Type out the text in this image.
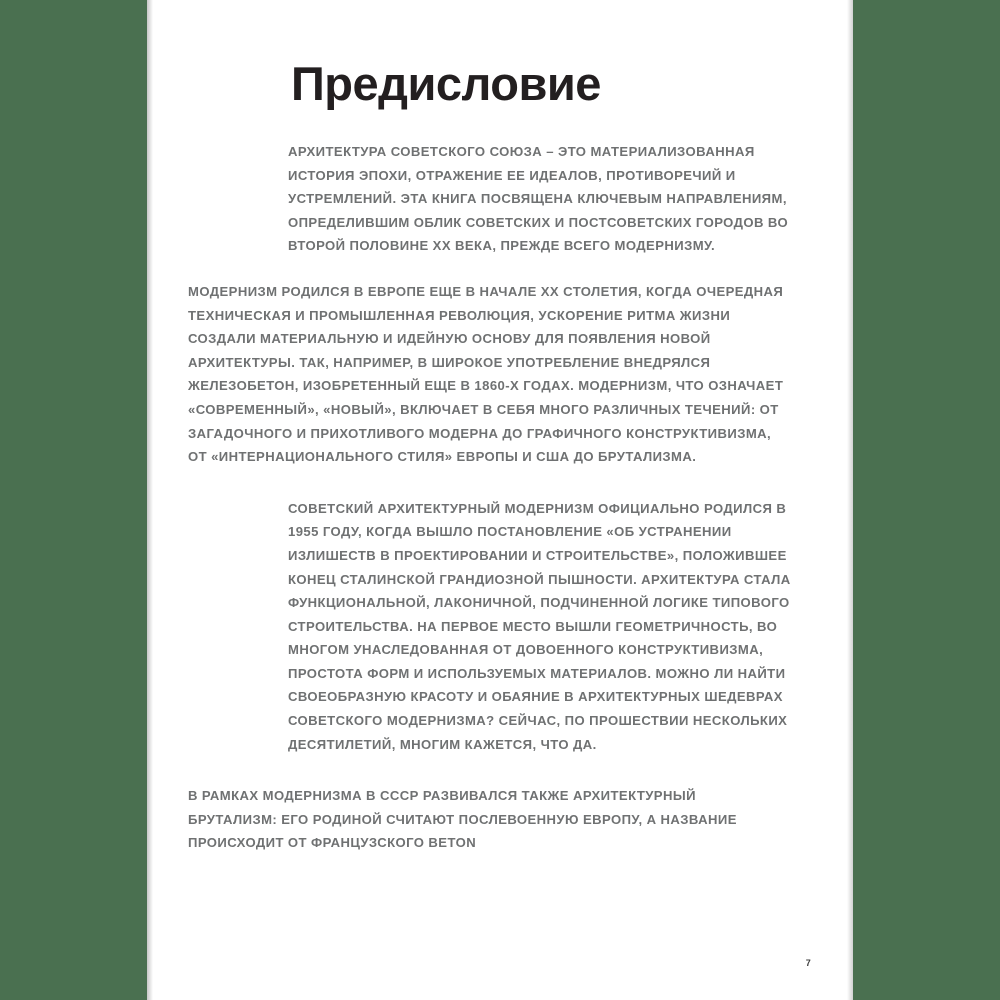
Предисловие

АРХИТЕКТУРА СОВЕТСКОГО СОЮЗА – ЭТО МАТЕРИАЛИЗОВАННАЯ ИСТОРИЯ ЭПОХИ, ОТРАЖЕНИЕ ЕЕ ИДЕАЛОВ, ПРОТИВОРЕЧИЙ И УСТРЕМЛЕНИЙ. ЭТА КНИГА ПОСВЯЩЕНА КЛЮЧЕВЫМ НАПРАВЛЕНИЯМ, ОПРЕДЕЛИВШИМ ОБЛИК СОВЕТСКИХ И ПОСТСОВЕТСКИХ ГОРОДОВ ВО ВТОРОЙ ПОЛОВИНЕ XX ВЕКА, ПРЕЖДЕ ВСЕГО МОДЕРНИЗМУ.

МОДЕРНИЗМ РОДИЛСЯ В ЕВРОПЕ ЕЩЕ В НАЧАЛЕ XX СТОЛЕТИЯ, КОГДА ОЧЕРЕДНАЯ ТЕХНИЧЕСКАЯ И ПРОМЫШЛЕННАЯ РЕВОЛЮЦИЯ, УСКОРЕНИЕ РИТМА ЖИЗНИ СОЗДАЛИ МАТЕРИАЛЬНУЮ И ИДЕЙНУЮ ОСНОВУ ДЛЯ ПОЯВЛЕНИЯ НОВОЙ АРХИТЕКТУРЫ. ТАК, НАПРИМЕР, В ШИРОКОЕ УПОТРЕБЛЕНИЕ ВНЕДРЯЛСЯ ЖЕЛЕЗОБЕТОН, ИЗОБРЕТЕННЫЙ ЕЩЕ В 1860-Х ГОДАХ. МОДЕРНИЗМ, ЧТО ОЗНАЧАЕТ «СОВРЕМЕННЫЙ», «НОВЫЙ», ВКЛЮЧАЕТ В СЕБЯ МНОГО РАЗЛИЧНЫХ ТЕЧЕНИЙ: ОТ ЗАГАДОЧНОГО И ПРИХОТЛИВОГО МОДЕРНА ДО ГРАФИЧНОГО КОНСТРУКТИВИЗМА, ОТ «ИНТЕРНАЦИОНАЛЬНОГО СТИЛЯ» ЕВРОПЫ И США ДО БРУТАЛИЗМА.

СОВЕТСКИЙ АРХИТЕКТУРНЫЙ МОДЕРНИЗМ ОФИЦИАЛЬНО РОДИЛСЯ В 1955 ГОДУ, КОГДА ВЫШЛО ПОСТАНОВЛЕНИЕ «ОБ УСТРАНЕНИИ ИЗЛИШЕСТВ В ПРОЕКТИРОВАНИИ И СТРОИТЕЛЬСТВЕ», ПОЛОЖИВШЕЕ КОНЕЦ СТАЛИНСКОЙ ГРАНДИОЗНОЙ ПЫШНОСТИ. АРХИТЕКТУРА СТАЛА ФУНКЦИОНАЛЬНОЙ, ЛАКОНИЧНОЙ, ПОДЧИНЕННОЙ ЛОГИКЕ ТИПОВОГО СТРОИТЕЛЬСТВА. НА ПЕРВОЕ МЕСТО ВЫШЛИ ГЕОМЕТРИЧНОСТЬ, ВО МНОГОМ УНАСЛЕДОВАННАЯ ОТ ДОВОЕННОГО КОНСТРУКТИВИЗМА, ПРОСТОТА ФОРМ И ИСПОЛЬЗУЕМЫХ МАТЕРИАЛОВ. МОЖНО ЛИ НАЙТИ СВОЕОБРАЗНУЮ КРАСОТУ И ОБАЯНИЕ В АРХИТЕКТУРНЫХ ШЕДЕВРАХ СОВЕТСКОГО МОДЕРНИЗМА? СЕЙЧАС, ПО ПРОШЕСТВИИ НЕСКОЛЬКИХ ДЕСЯТИЛЕТИЙ, МНОГИМ КАЖЕТСЯ, ЧТО ДА.

В РАМКАХ МОДЕРНИЗМА В СССР РАЗВИВАЛСЯ ТАКЖЕ АРХИТЕКТУРНЫЙ БРУТАЛИЗМ: ЕГО РОДИНОЙ СЧИТАЮТ ПОСЛЕВОЕННУЮ ЕВРОПУ, А НАЗВАНИЕ ПРОИСХОДИТ ОТ ФРАНЦУЗСКОГО BETON

7
